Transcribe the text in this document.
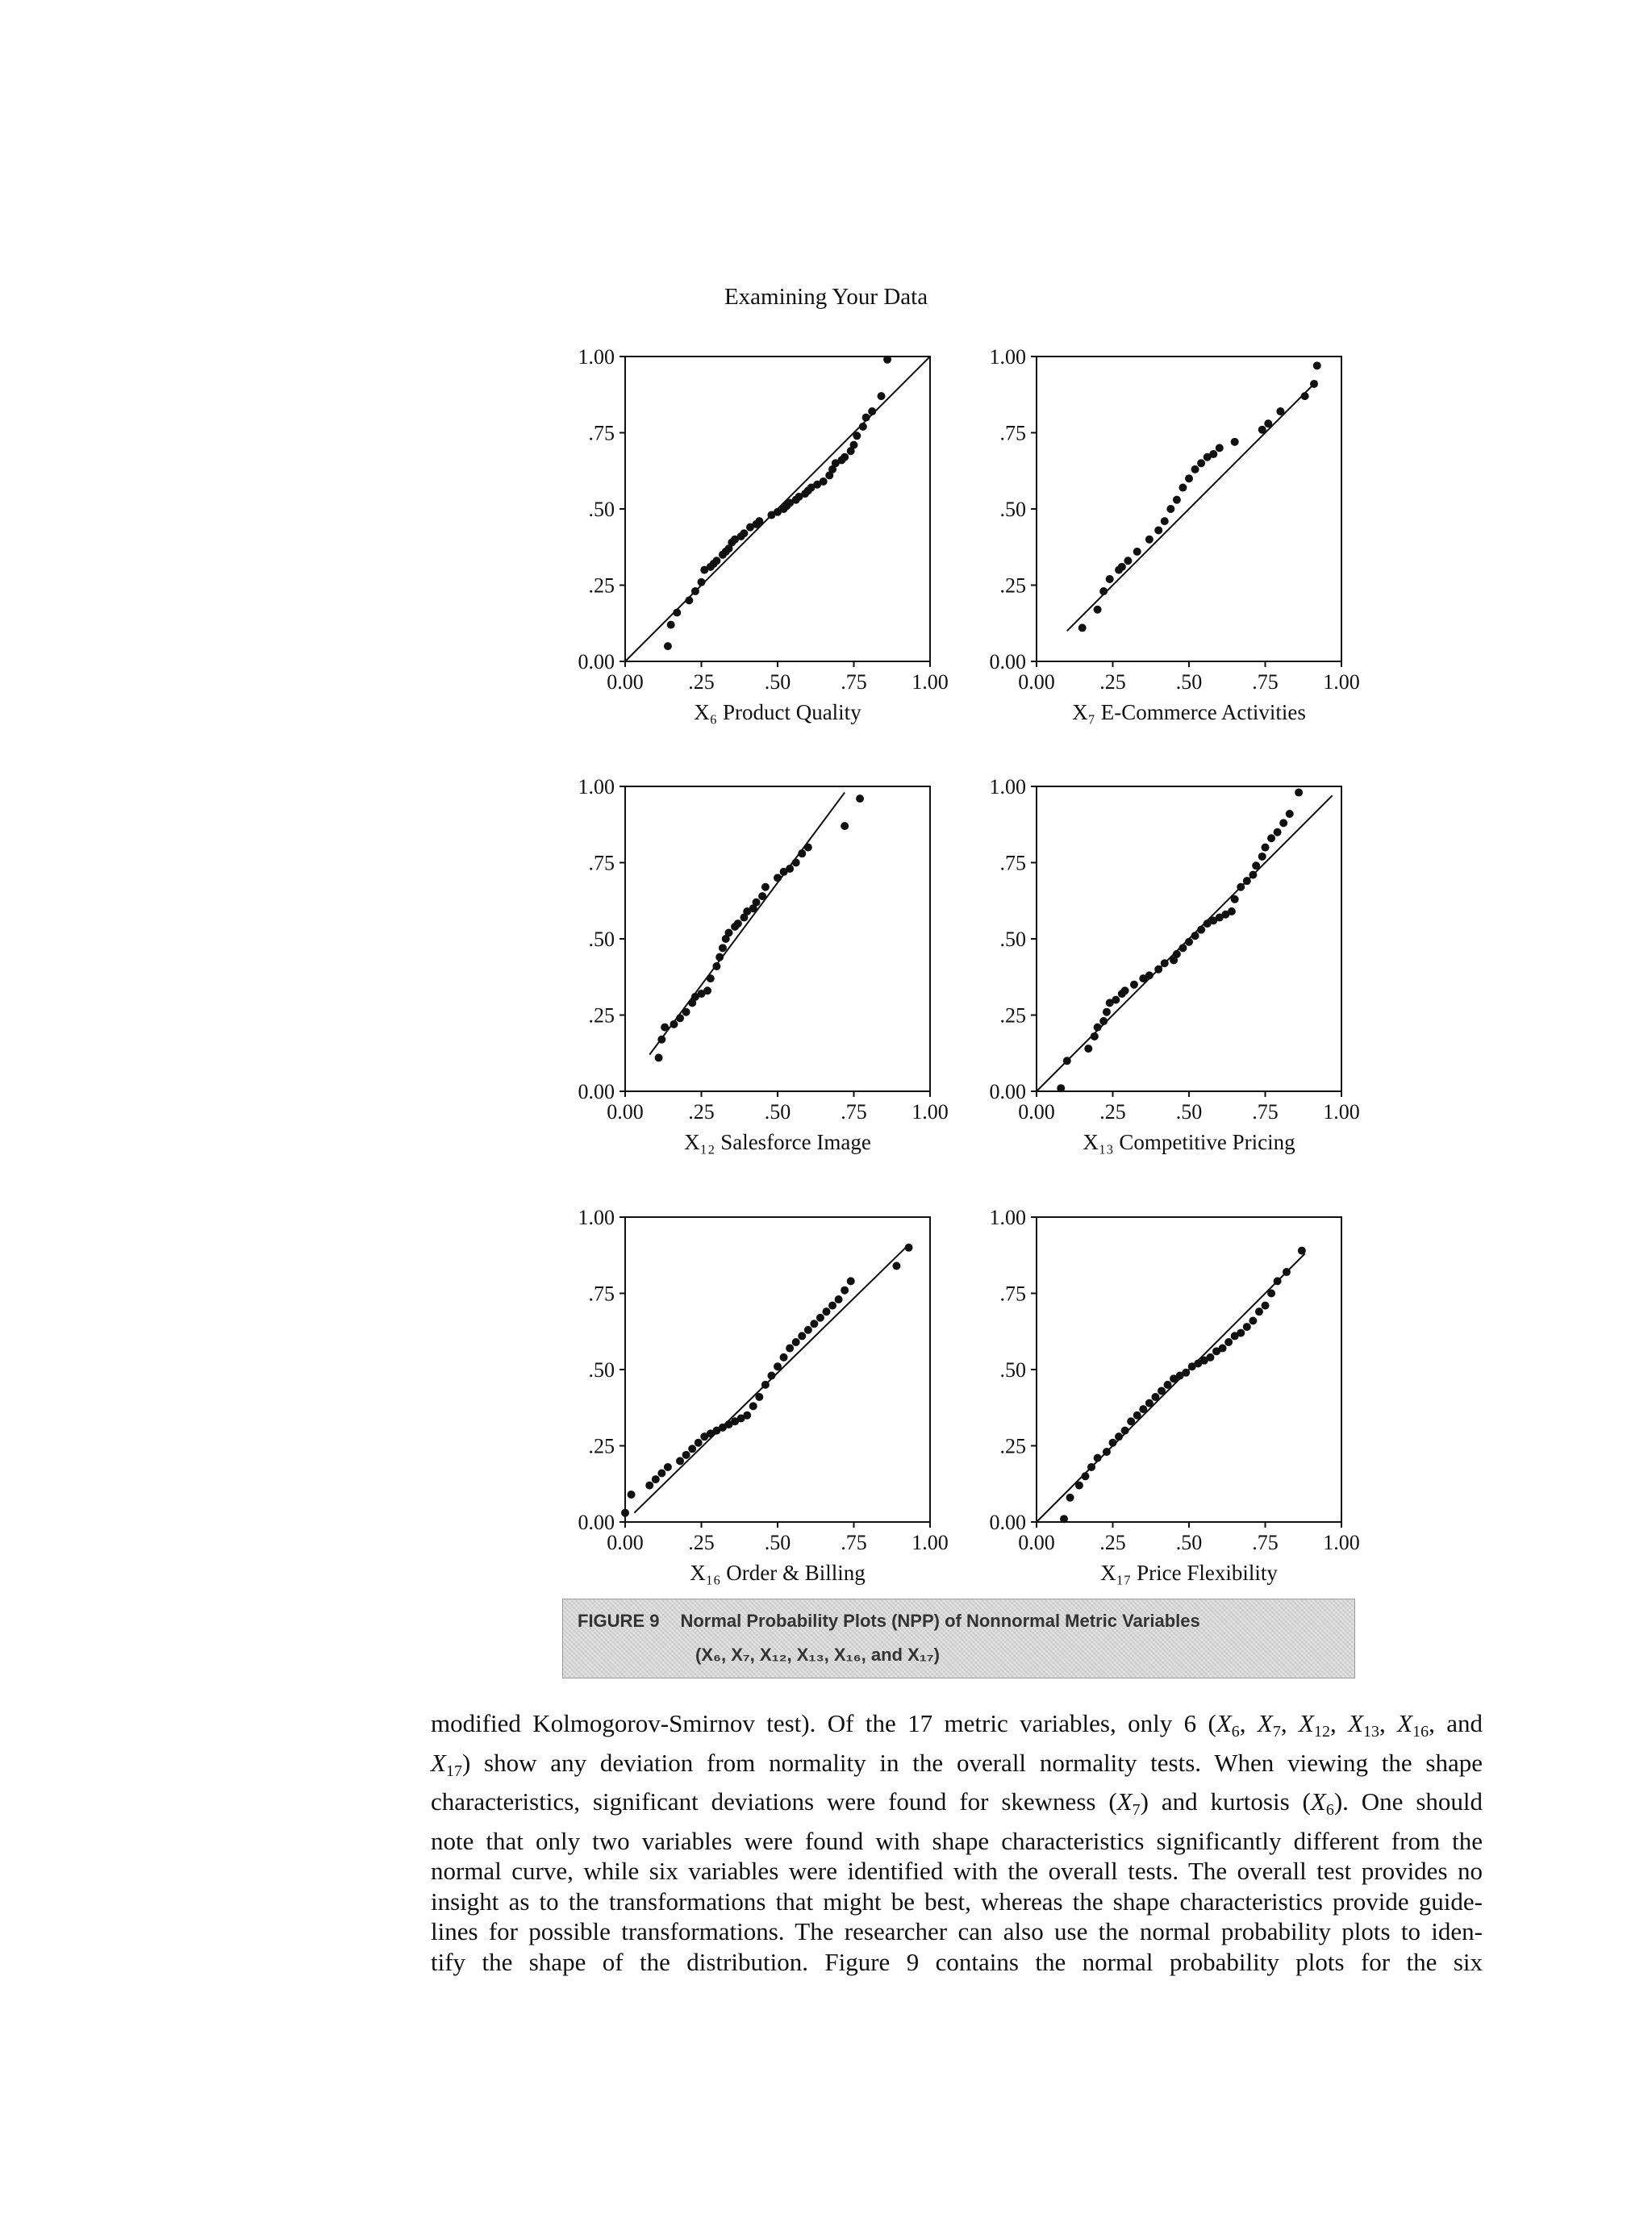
Examining Your Data
0.00
.25
.50
.75
1.00
0.00 .25 .50 .75 1.00
X₆ Product Quality
0.00
.25
.50
.75
1.00
0.00 .25 .50 .75 1.00
X₇ E-Commerce Activities
0.00
.25
.50
.75
1.00
0.00 .25 .50 .75 1.00
X₁₂ Salesforce Image
0.00
.25
.50
.75
1.00
0.00 .25 .50 .75 1.00
X₁₃ Competitive Pricing
0.00
.25
.50
.75
1.00
0.00 .25 .50 .75 1.00
X₁₆ Order & Billing
0.00
.25
.50
.75
1.00
0.00 .25 .50 .75 1.00
X₁₇ Price Flexibility
FIGURE 9 Normal Probability Plots (NPP) of Nonnormal Metric Variables
(X₆, X₇, X₁₂, X₁₃, X₁₆, and X₁₇)

modified Kolmogorov-Smirnov test). Of the 17 metric variables, only 6 ($X_6$, $X_7$, $X_{12}$, $X_{13}$, $X_{16}$, and

$X_{17}$) show any deviation from normality in the overall normality tests. When viewing the shape

characteristics, significant deviations were found for skewness $(X_7)$ and kurtosis $(X_6)$. One should

note that only two variables were found with shape characteristics significantly different from the

normal curve, while six variables were identified with the overall tests. The overall test provides no

insight as to the transformations that might be best, whereas the shape characteristics provide guide-

lines for possible transformations. The researcher can also use the normal probability plots to iden-

tify the shape of the distribution. Figure 9 contains the normal probability plots for the six
